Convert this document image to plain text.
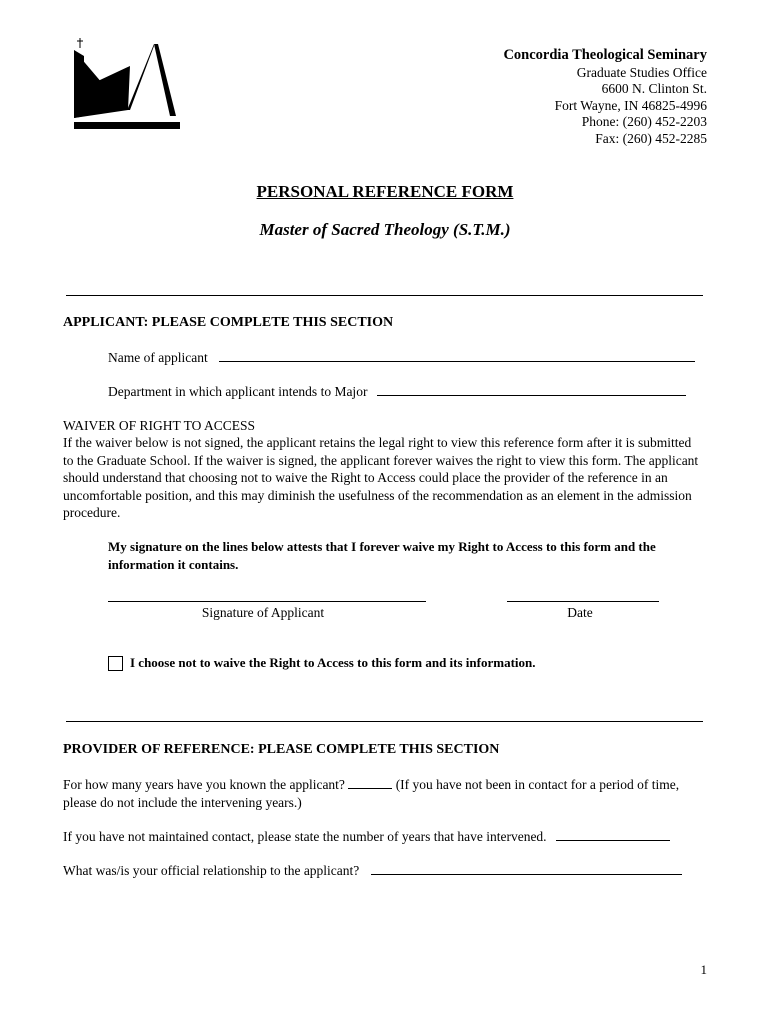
Concordia Theological Seminary
Graduate Studies Office
6600 N. Clinton St.
Fort Wayne, IN 46825-4996
Phone: (260) 452-2203
Fax: (260) 452-2285
PERSONAL REFERENCE FORM
Master of Sacred Theology (S.T.M.)
APPLICANT: PLEASE COMPLETE THIS SECTION
Name of applicant
Department in which applicant intends to Major
WAIVER OF RIGHT TO ACCESS
If the waiver below is not signed, the applicant retains the legal right to view this reference form after it is submitted to the Graduate School. If the waiver is signed, the applicant forever waives the right to view this form. The applicant should understand that choosing not to waive the Right to Access could place the provider of the reference in an uncomfortable position, and this may diminish the usefulness of the recommendation as an element in the admission procedure.
My signature on the lines below attests that I forever waive my Right to Access to this form and the information it contains.
Signature of Applicant	Date
I choose not to waive the Right to Access to this form and its information.
PROVIDER OF REFERENCE: PLEASE COMPLETE THIS SECTION
For how many years have you known the applicant?	(If you have not been in contact for a period of time, please do not include the intervening years.)
If you have not maintained contact, please state the number of years that have intervened.
What was/is your official relationship to the applicant?
1
